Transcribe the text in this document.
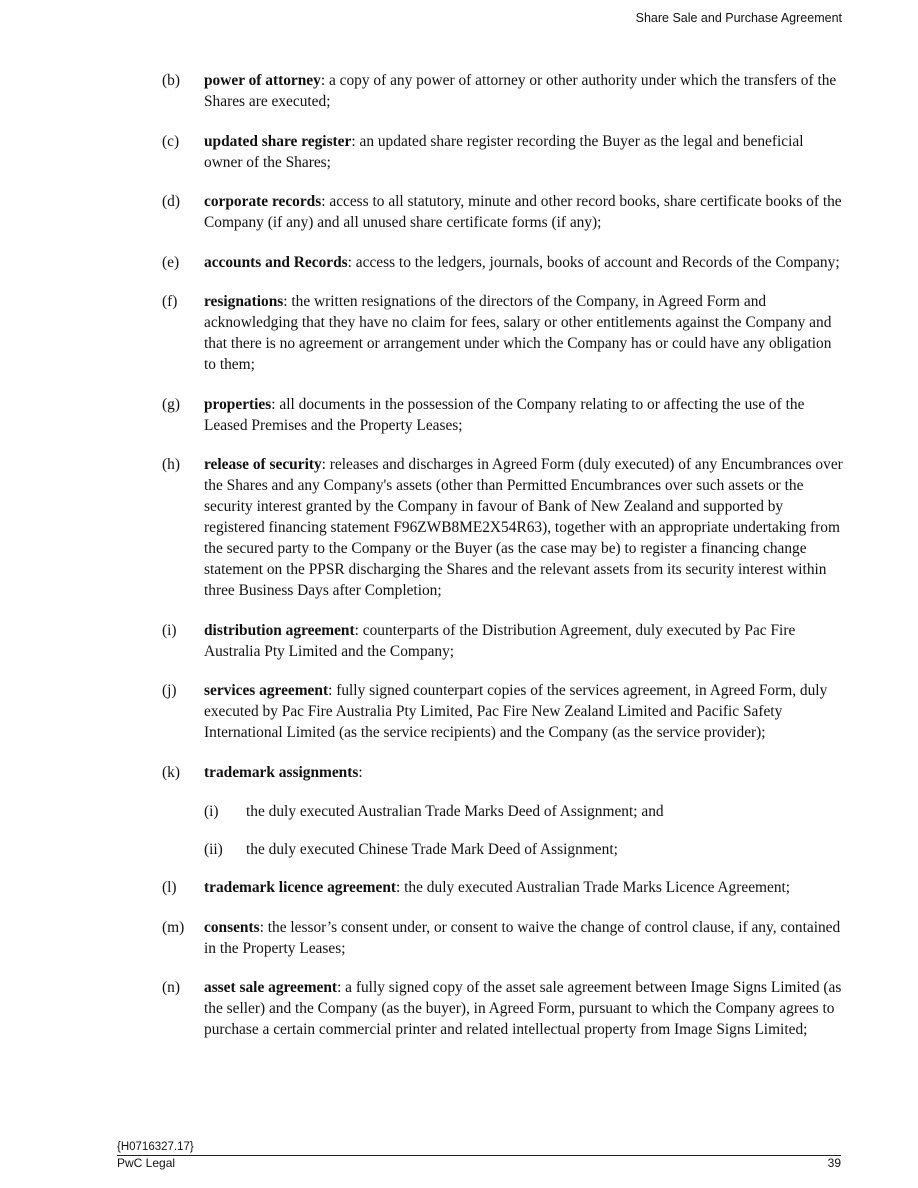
Share Sale and Purchase Agreement
(b) power of attorney: a copy of any power of attorney or other authority under which the transfers of the Shares are executed;
(c) updated share register: an updated share register recording the Buyer as the legal and beneficial owner of the Shares;
(d) corporate records: access to all statutory, minute and other record books, share certificate books of the Company (if any) and all unused share certificate forms (if any);
(e) accounts and Records: access to the ledgers, journals, books of account and Records of the Company;
(f) resignations: the written resignations of the directors of the Company, in Agreed Form and acknowledging that they have no claim for fees, salary or other entitlements against the Company and that there is no agreement or arrangement under which the Company has or could have any obligation to them;
(g) properties: all documents in the possession of the Company relating to or affecting the use of the Leased Premises and the Property Leases;
(h) release of security: releases and discharges in Agreed Form (duly executed) of any Encumbrances over the Shares and any Company's assets (other than Permitted Encumbrances over such assets or the security interest granted by the Company in favour of Bank of New Zealand and supported by registered financing statement F96ZWB8ME2X54R63), together with an appropriate undertaking from the secured party to the Company or the Buyer (as the case may be) to register a financing change statement on the PPSR discharging the Shares and the relevant assets from its security interest within three Business Days after Completion;
(i) distribution agreement: counterparts of the Distribution Agreement, duly executed by Pac Fire Australia Pty Limited and the Company;
(j) services agreement: fully signed counterpart copies of the services agreement, in Agreed Form, duly executed by Pac Fire Australia Pty Limited, Pac Fire New Zealand Limited and Pacific Safety International Limited (as the service recipients) and the Company (as the service provider);
(k) trademark assignments:
(i) the duly executed Australian Trade Marks Deed of Assignment; and
(ii) the duly executed Chinese Trade Mark Deed of Assignment;
(l) trademark licence agreement: the duly executed Australian Trade Marks Licence Agreement;
(m) consents: the lessor’s consent under, or consent to waive the change of control clause, if any, contained in the Property Leases;
(n) asset sale agreement: a fully signed copy of the asset sale agreement between Image Signs Limited (as the seller) and the Company (as the buyer), in Agreed Form, pursuant to which the Company agrees to purchase a certain commercial printer and related intellectual property from Image Signs Limited;
{H0716327.17}
PwC Legal	39
